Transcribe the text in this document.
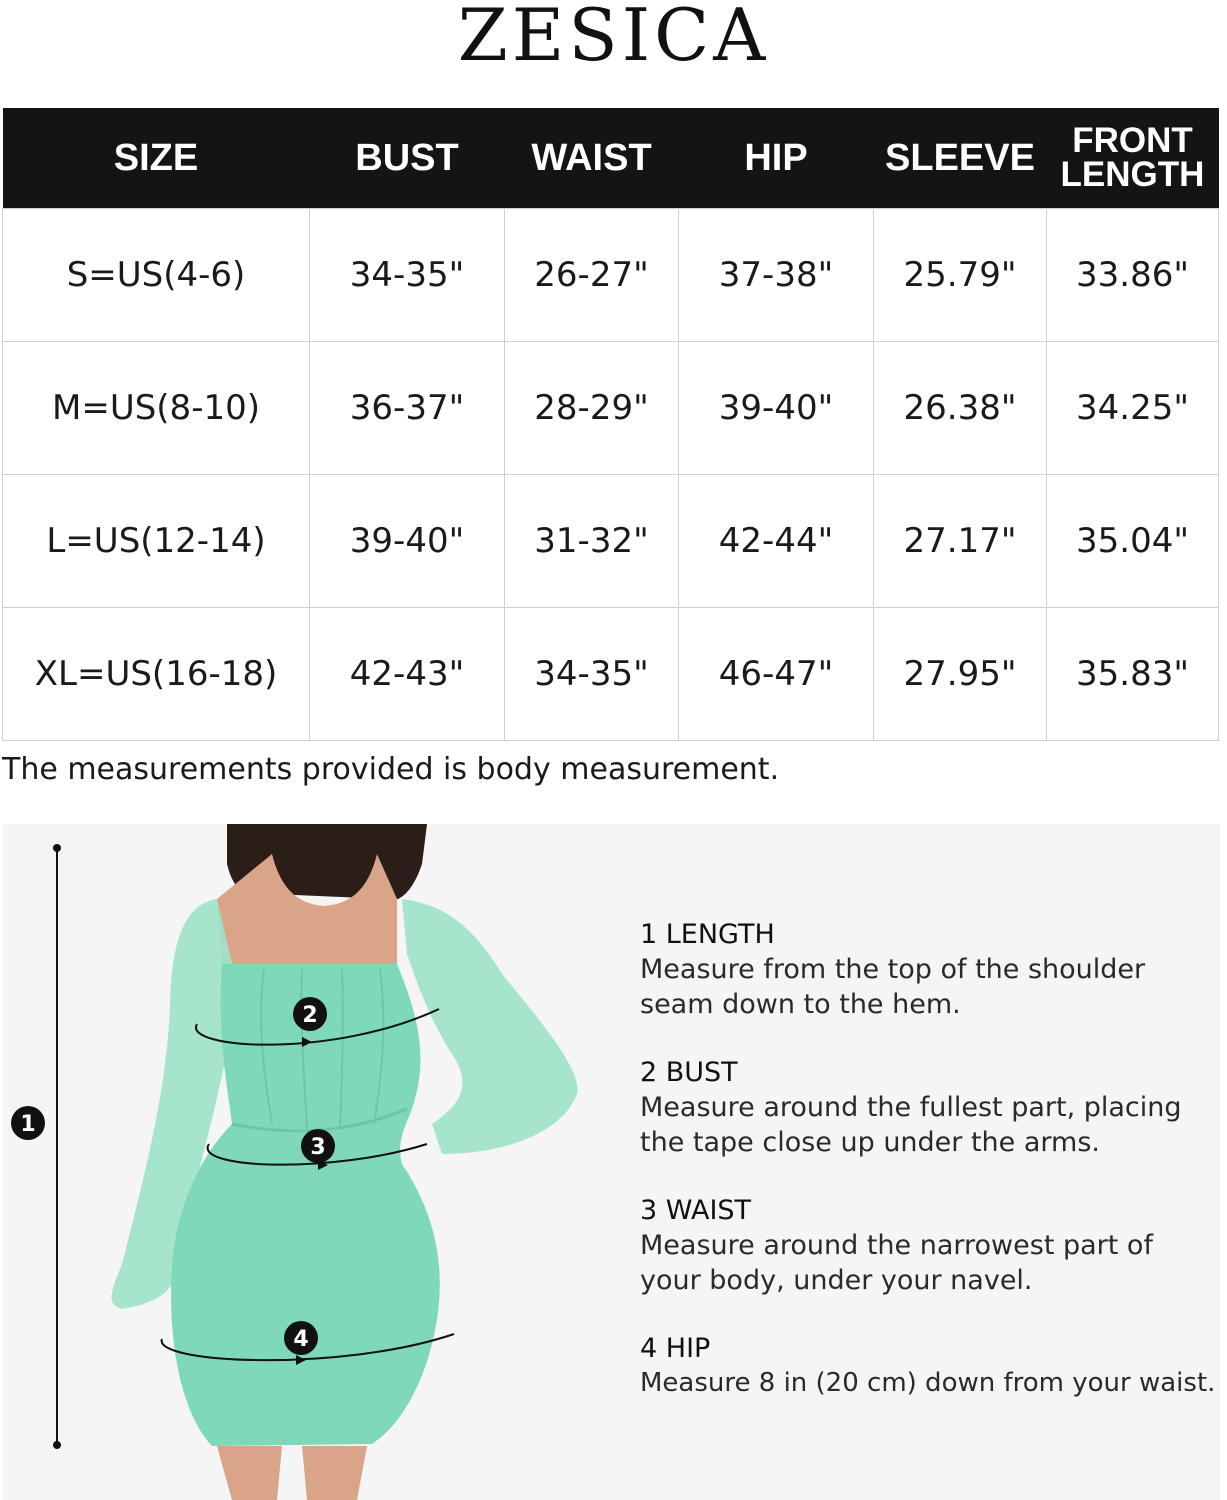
ZESICA
SIZE	BUST	WAIST	HIP	SLEEVE	FRONT
LENGTH
S=US(4-6)	34-35"	26-27"	37-38"	25.79"	33.86"
M=US(8-10)	36-37"	28-29"	39-40"	26.38"	34.25"
L=US(12-14)	39-40"	31-32"	42-44"	27.17"	35.04"
XL=US(16-18)	42-43"	34-35"	46-47"	27.95"	35.83"
The measurements provided is body measurement.
1
2
3
4
1 LENGTH
Measure from the top of the shoulder
seam down to the hem.
2 BUST
Measure around the fullest part, placing
the tape close up under the arms.
3 WAIST
Measure around the narrowest part of
your body, under your navel.
4 HIP
Measure 8 in (20 cm) down from your waist.
